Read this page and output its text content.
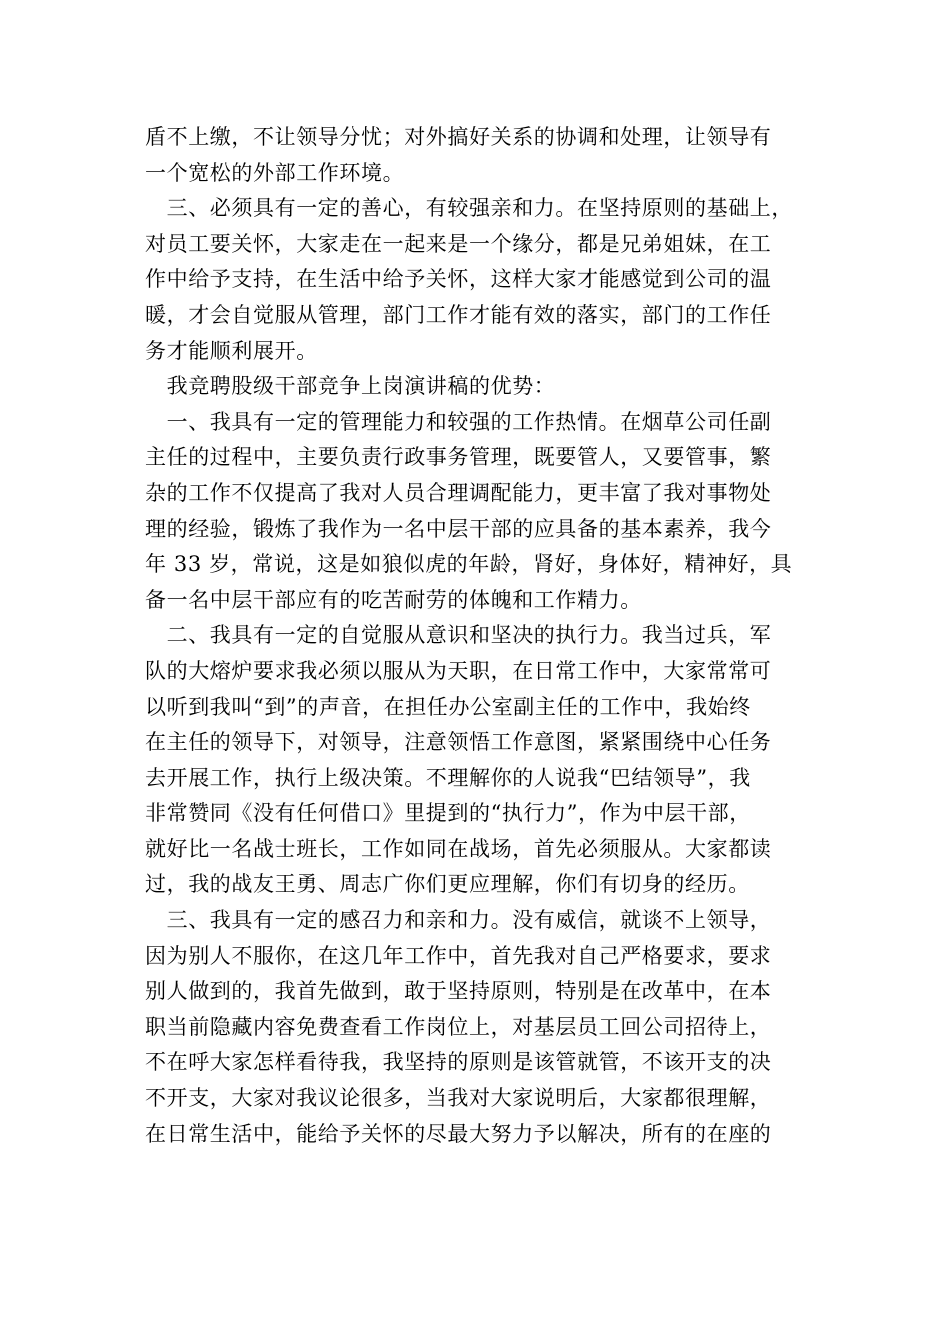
盾不上缴，不让领导分忧；对外搞好关系的协调和处理，让领导有
一个宽松的外部工作环境。
　三、必须具有一定的善心，有较强亲和力。在坚持原则的基础上，
对员工要关怀，大家走在一起来是一个缘分，都是兄弟姐妹，在工
作中给予支持，在生活中给予关怀，这样大家才能感觉到公司的温
暖，才会自觉服从管理，部门工作才能有效的落实，部门的工作任
务才能顺利展开。
　我竞聘股级干部竞争上岗演讲稿的优势：
　一、我具有一定的管理能力和较强的工作热情。在烟草公司任副
主任的过程中，主要负责行政事务管理，既要管人，又要管事，繁
杂的工作不仅提高了我对人员合理调配能力，更丰富了我对事物处
理的经验，锻炼了我作为一名中层干部的应具备的基本素养，我今
年 33 岁，常说，这是如狼似虎的年龄，肾好，身体好，精神好，具
备一名中层干部应有的吃苦耐劳的体魄和工作精力。
　二、我具有一定的自觉服从意识和坚决的执行力。我当过兵，军
队的大熔炉要求我必须以服从为天职，在日常工作中，大家常常可
以听到我叫“到”的声音，在担任办公室副主任的工作中，我始终
在主任的领导下，对领导，注意领悟工作意图，紧紧围绕中心任务
去开展工作，执行上级决策。不理解你的人说我“巴结领导”，我
非常赞同《没有任何借口》里提到的“执行力”，作为中层干部，
就好比一名战士班长，工作如同在战场，首先必须服从。大家都读
过，我的战友王勇、周志广你们更应理解，你们有切身的经历。
　三、我具有一定的感召力和亲和力。没有威信，就谈不上领导，
因为别人不服你，在这几年工作中，首先我对自己严格要求，要求
别人做到的，我首先做到，敢于坚持原则，特别是在改革中，在本
职当前隐藏内容免费查看工作岗位上，对基层员工回公司招待上，
不在呼大家怎样看待我，我坚持的原则是该管就管，不该开支的决
不开支，大家对我议论很多，当我对大家说明后，大家都很理解，
在日常生活中，能给予关怀的尽最大努力予以解决，所有的在座的
